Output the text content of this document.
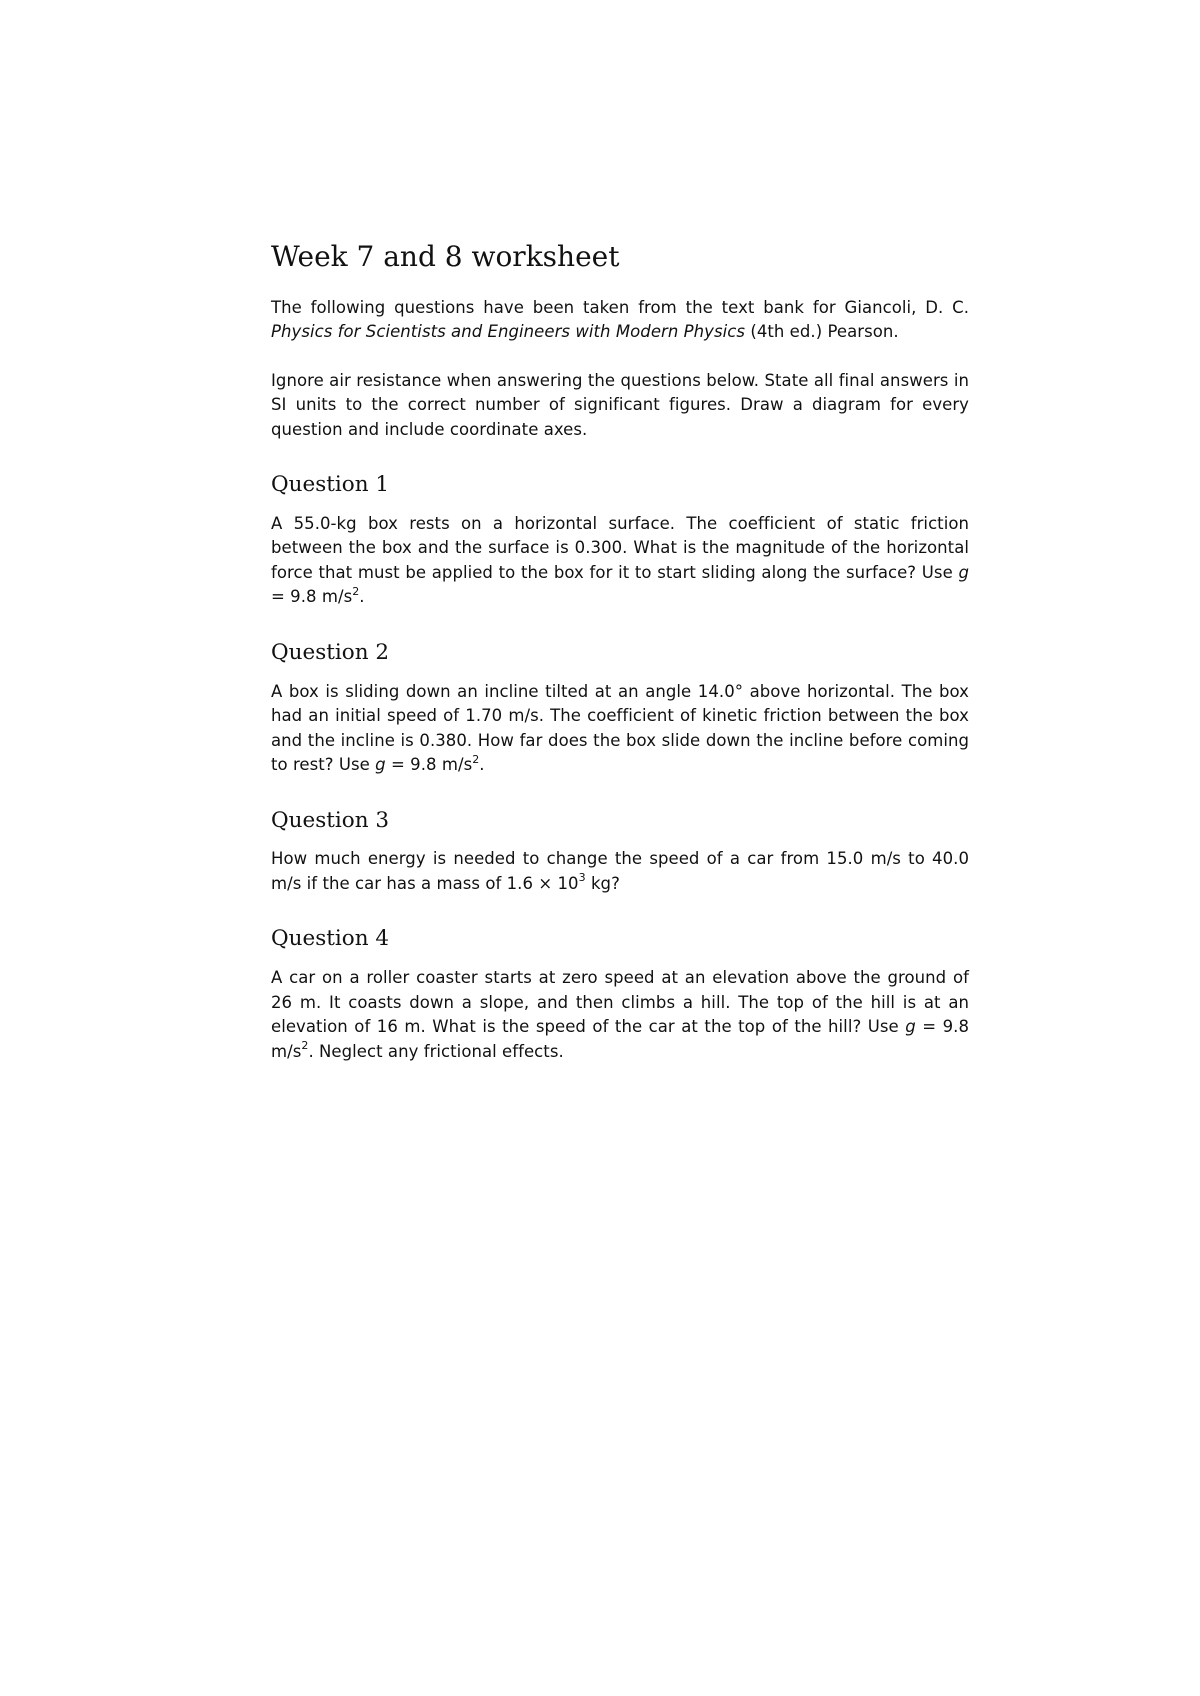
Week 7 and 8 worksheet

The following questions have been taken from the text bank for Giancoli, D. C. Physics for Scientists and Engineers with Modern Physics (4th ed.) Pearson.

Ignore air resistance when answering the questions below. State all final answers in SI units to the correct number of significant figures. Draw a diagram for every question and include coordinate axes.

Question 1

A 55.0-kg box rests on a horizontal surface. The coefficient of static friction between the box and the surface is 0.300. What is the magnitude of the horizontal force that must be applied to the box for it to start sliding along the surface? Use g = 9.8 $m/s^2$.

Question 2

A box is sliding down an incline tilted at an angle 14.0° above horizontal. The box had an initial speed of 1.70 m/s. The coefficient of kinetic friction between the box and the incline is 0.380. How far does the box slide down the incline before coming to rest? Use g = 9.8 $m/s^2$.

Question 3

How much energy is needed to change the speed of a car from 15.0 m/s to 40.0 m/s if the car has a mass of $1.6 \times 10^3$ kg?

Question 4

A car on a roller coaster starts at zero speed at an elevation above the ground of 26 m. It coasts down a slope, and then climbs a hill. The top of the hill is at an elevation of 16 m. What is the speed of the car at the top of the hill? Use g = 9.8 $m/s^2$. Neglect any frictional effects.
